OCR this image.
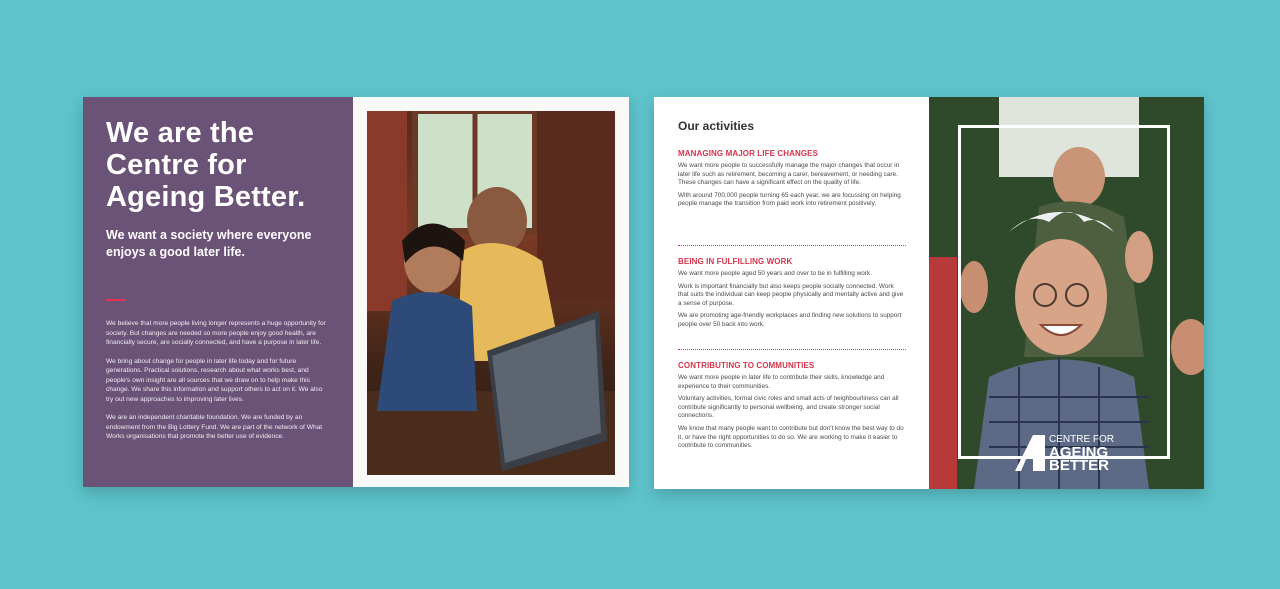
We are the
Centre for
Ageing Better.
We want a society where everyone
enjoys a good later life.

We believe that more people living longer represents a huge opportunity for society. But changes are needed so more people enjoy good health, are financially secure, are socially connected, and have a purpose in later life.

We bring about change for people in later life today and for future generations. Practical solutions, research about what works best, and people's own insight are all sources that we draw on to help make this change. We share this information and support others to act on it. We also try out new approaches to improving later lives.

We are an independent charitable foundation. We are funded by an endowment from the Big Lottery Fund. We are part of the network of What Works organisations that promote the better use of evidence.

Our activities
MANAGING MAJOR LIFE CHANGES

We want more people to successfully manage the major changes that occur in later life such as retirement, becoming a carer, bereavement, or needing care. These changes can have a significant effect on the quality of life.

With around 700,000 people turning 65 each year, we are focussing on helping people manage the transition from paid work into retirement positively.

BEING IN FULFILLING WORK

We want more people aged 50 years and over to be in fulfilling work.

Work is important financially but also keeps people socially connected. Work that suits the individual can keep people physically and mentally active and give a sense of purpose.

We are promoting age-friendly workplaces and finding new solutions to support people over 50 back into work.

CONTRIBUTING TO COMMUNITIES

We want more people in later life to contribute their skills, knowledge and experience to their communities.

Voluntary activities, formal civic roles and small acts of neighbourliness can all contribute significantly to personal wellbeing, and create stronger social connections.

We know that many people want to contribute but don't know the best way to do it, or have the right opportunities to do so. We are working to make it easier to contribute to communities.

CENTRE FOR
AGEING
BETTER
